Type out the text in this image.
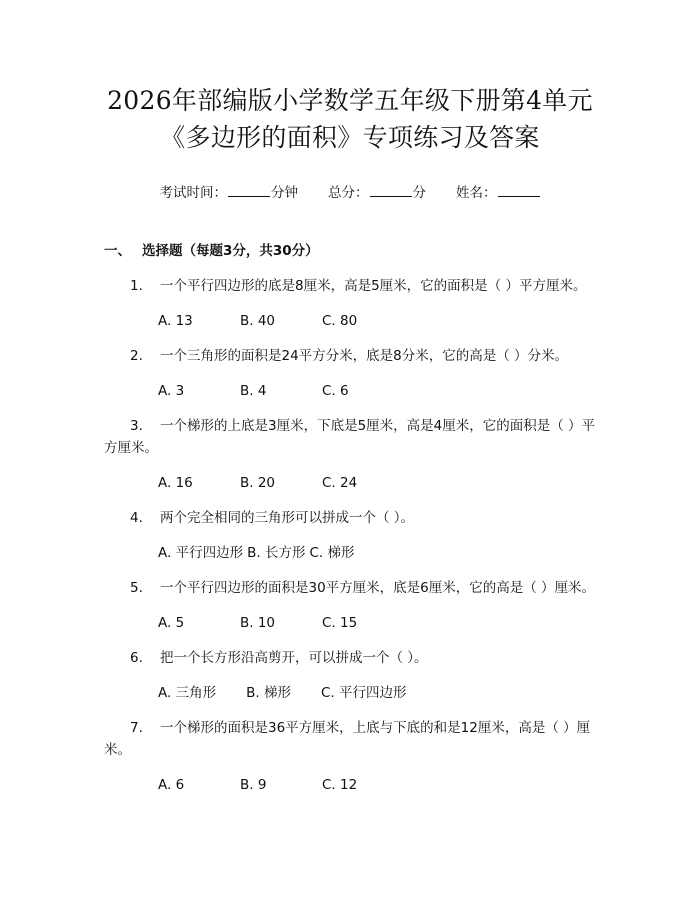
2026年部编版小学数学五年级下册第4单元
《多边形的面积》专项练习及答案
考试时间：	分钟 总分：	分 姓名：
一、 选择题（每题3分，共30分）
1. 一个平行四边形的底是8厘米，高是5厘米，它的面积是（ ）平方厘米。
A. 13	B. 40	C. 80
2. 一个三角形的面积是24平方分米，底是8分米，它的高是（ ）分米。
A. 3	B. 4	C. 6
3. 一个梯形的上底是3厘米，下底是5厘米，高是4厘米，它的面积是（ ）平方厘米。
A. 16	B. 20	C. 24
4. 两个完全相同的三角形可以拼成一个（ ）。
A. 平行四边形 B. 长方形 C. 梯形
5. 一个平行四边形的面积是30平方厘米，底是6厘米，它的高是（ ）厘米。
A. 5	B. 10	C. 15
6. 把一个长方形沿高剪开，可以拼成一个（ ）。
A. 三角形 B. 梯形 C. 平行四边形
7. 一个梯形的面积是36平方厘米，上底与下底的和是12厘米，高是（ ）厘米。
A. 6	B. 9	C. 12
